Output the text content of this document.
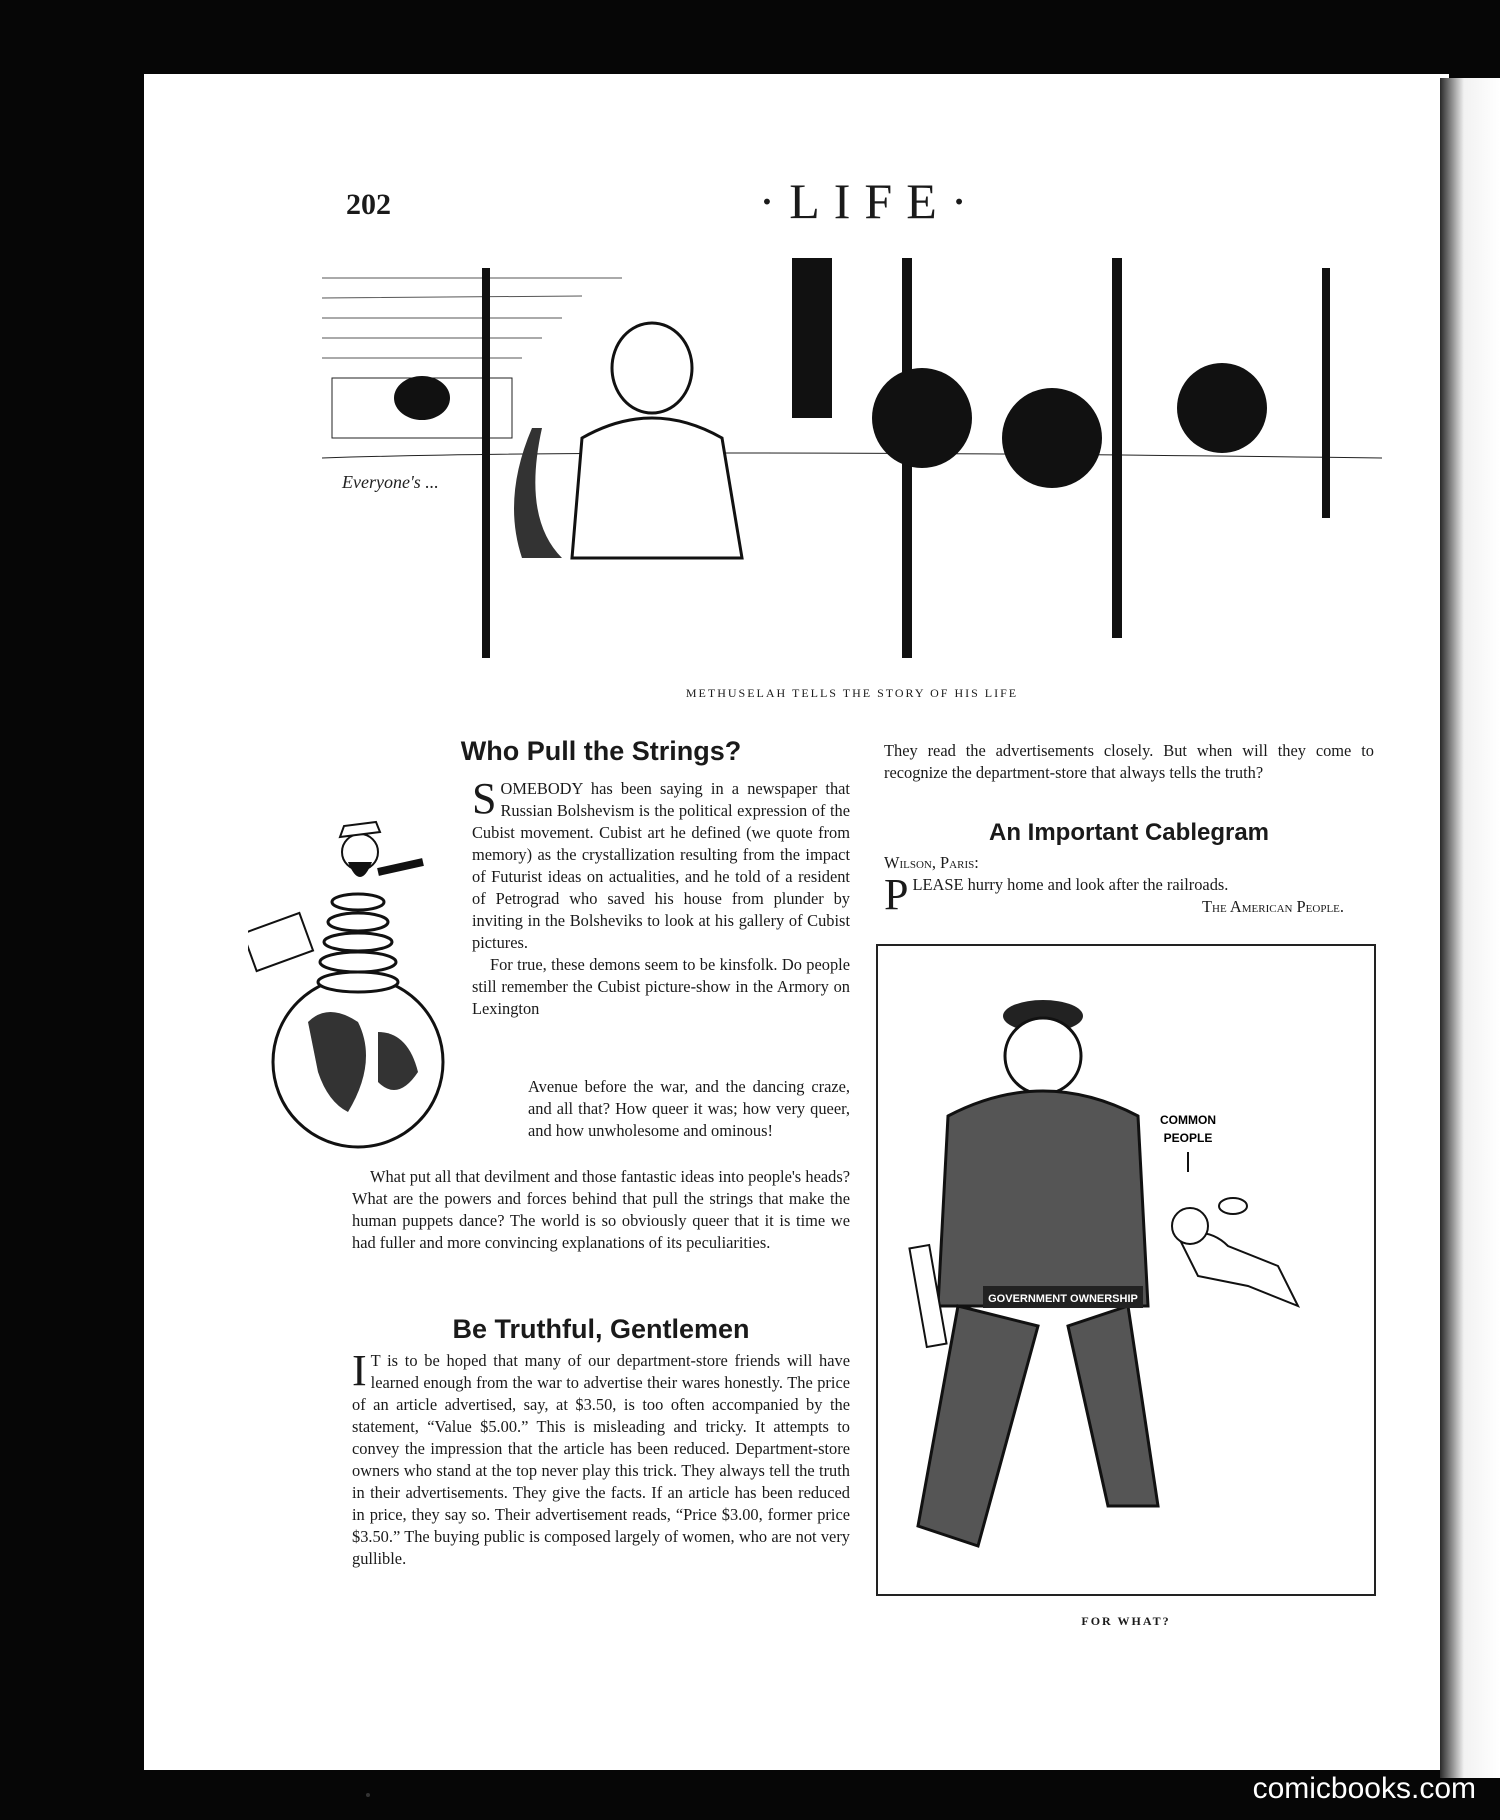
202	·LIFE·
Everyone's ...
METHUSELAH TELLS THE STORY OF HIS LIFE
Who Pull the Strings?

SOMEBODY has been saying in a newspaper that Russian Bolshevism is the political expression of the Cubist movement. Cubist art he defined (we quote from memory) as the crystallization resulting from the impact of Futurist ideas on actualities, and he told of a resident of Petrograd who saved his house from plunder by inviting in the Bolsheviks to look at his gallery of Cubist pictures.

For true, these demons seem to be kinsfolk. Do people still remember the Cubist picture-show in the Armory on Lexington

Avenue before the war, and the dancing craze, and all that? How queer it was; how very queer, and how unwholesome and ominous!

What put all that devilment and those fantastic ideas into people's heads? What are the powers and forces behind that pull the strings that make the human puppets dance? The world is so obviously queer that it is time we had fuller and more convincing explanations of its peculiarities.

Be Truthful, Gentlemen

I T is to be hoped that many of our department-store friends will have learned enough from the war to advertise their wares honestly. The price of an article advertised, say, at $3.50, is too often accompanied by the statement, “Value $5.00.” This is misleading and tricky. It attempts to convey the impression that the article has been reduced. Department-store owners who stand at the top never play this trick. They always tell the truth in their advertisements. They give the facts. If an article has been reduced in price, they say so. Their advertisement reads, “Price $3.00, former price $3.50.” The buying public is composed largely of women, who are not very gullible.

They read the advertisements closely. But when will they come to recognize the department-store that always tells the truth?

An Important Cablegram

Wilson, Paris:

PLEASE hurry home and look after the railroads.

The American People.

GOVERNMENT OWNERSHIP
COMMON
PEOPLE
FOR WHAT?
comicbooks.com
